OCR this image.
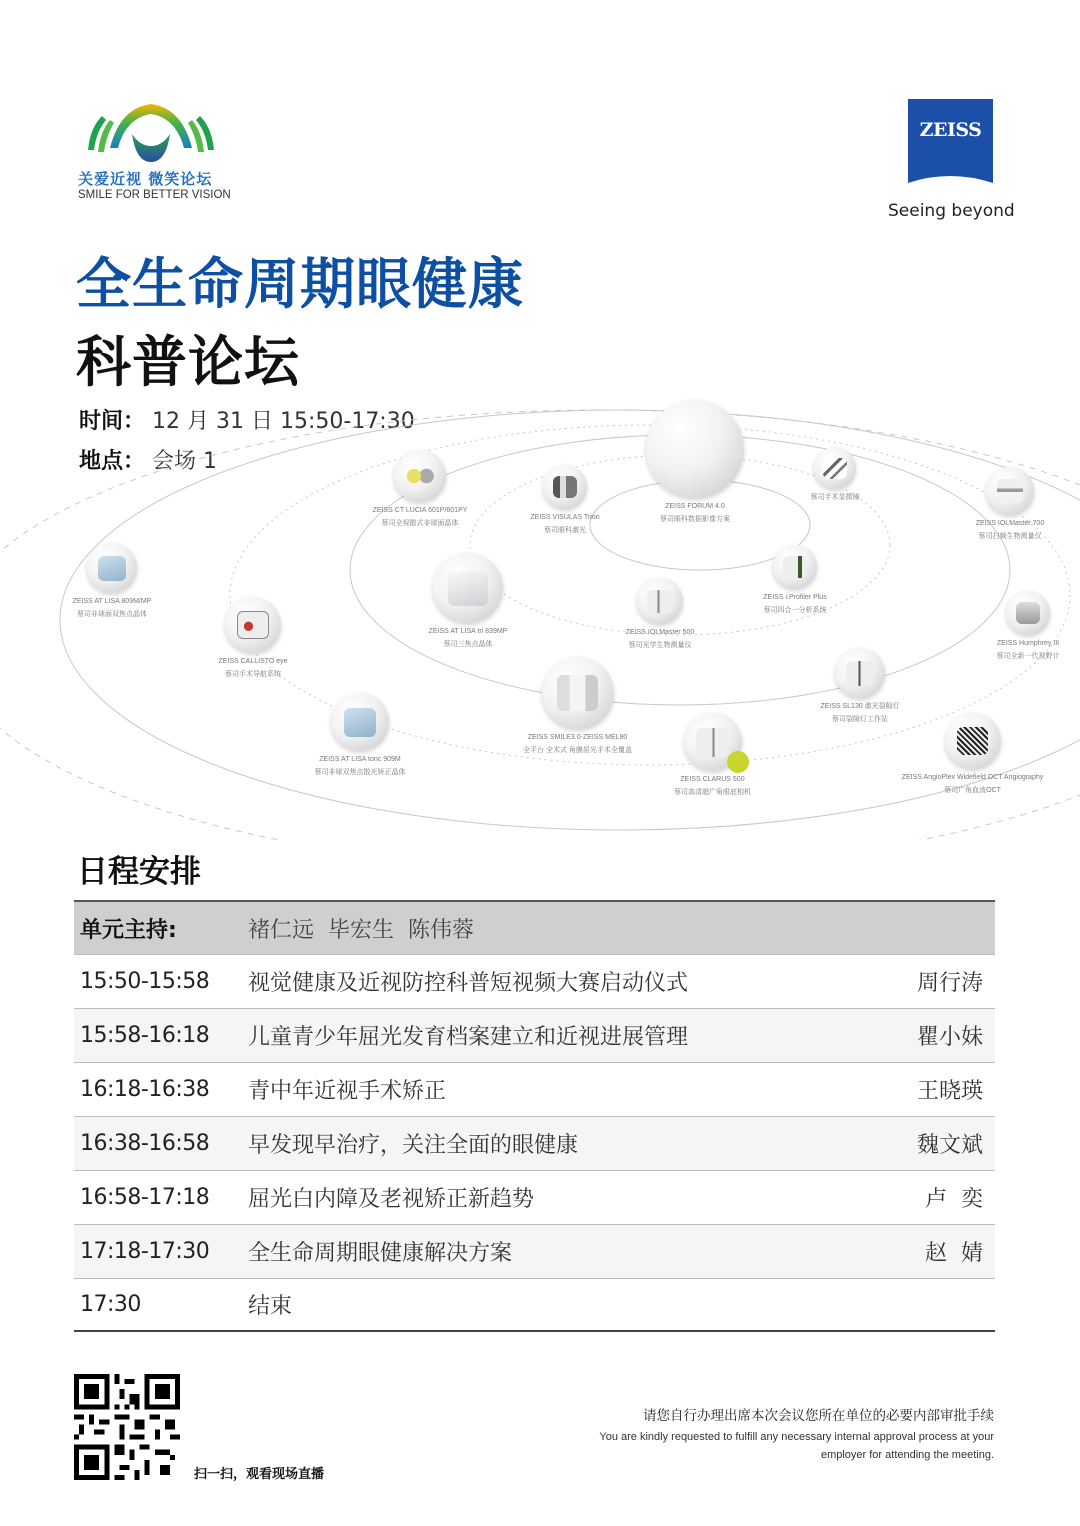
关爱近视 微笑论坛
SMILE FOR BETTER VISION
ZEISS
Seeing beyond
全生命周期眼健康
科普论坛
时间： 12 月 31 日 15:50-17:30
地点： 会场 1
ZEISS FORUM 4.0
蔡司眼科数据影像方案
ZEISS CT LUCIA 601P/601PY
蔡司全视散式非球面晶体
ZEISS VISULAS Trion
蔡司眼科激光
蔡司手术显微镜
ZEISS IOLMaster 700
蔡司扫频生物测量仪
ZEISS AT LISA 809M/MP
蔡司非球面双焦点晶体
ZEISS CALLISTO eye
蔡司手术导航系统
ZEISS AT LISA tri 839MP
蔡司三焦点晶体
ZEISS IOLMaster 500
蔡司光学生物测量仪
ZEISS i.Profiler Plus
蔡司四合一分析系统
ZEISS Humphrey III
蔡司全新一代视野计
ZEISS SL130 激光裂隙灯
蔡司裂隙灯工作站
ZEISS AT LISA toric 909M
蔡司非球双焦点散光矫正晶体
ZEISS SMILE3.0-ZEISS MEL90
全平台 全术式 角膜屈光手术全覆盖
ZEISS CLARUS 500
蔡司高清超广角眼底相机
ZEISS AngioPlex Widefield OCT Angiography
蔡司广角血流OCT
日程安排
单元主持:	褚仁远  毕宏生  陈伟蓉
15:50-15:58	视觉健康及近视防控科普短视频大赛启动仪式	周行涛
15:58-16:18	儿童青少年屈光发育档案建立和近视进展管理	瞿小妹
16:18-16:38	青中年近视手术矫正	王晓瑛
16:38-16:58	早发现早治疗，关注全面的眼健康	魏文斌
16:58-17:18	屈光白内障及老视矫正新趋势	卢  奕
17:18-17:30	全生命周期眼健康解决方案	赵  婧
17:30	结束
扫一扫，观看现场直播
请您自行办理出席本次会议您所在单位的必要内部审批手续
You are kindly requested to fulfill any necessary internal approval process at your
employer for attending the meeting.
